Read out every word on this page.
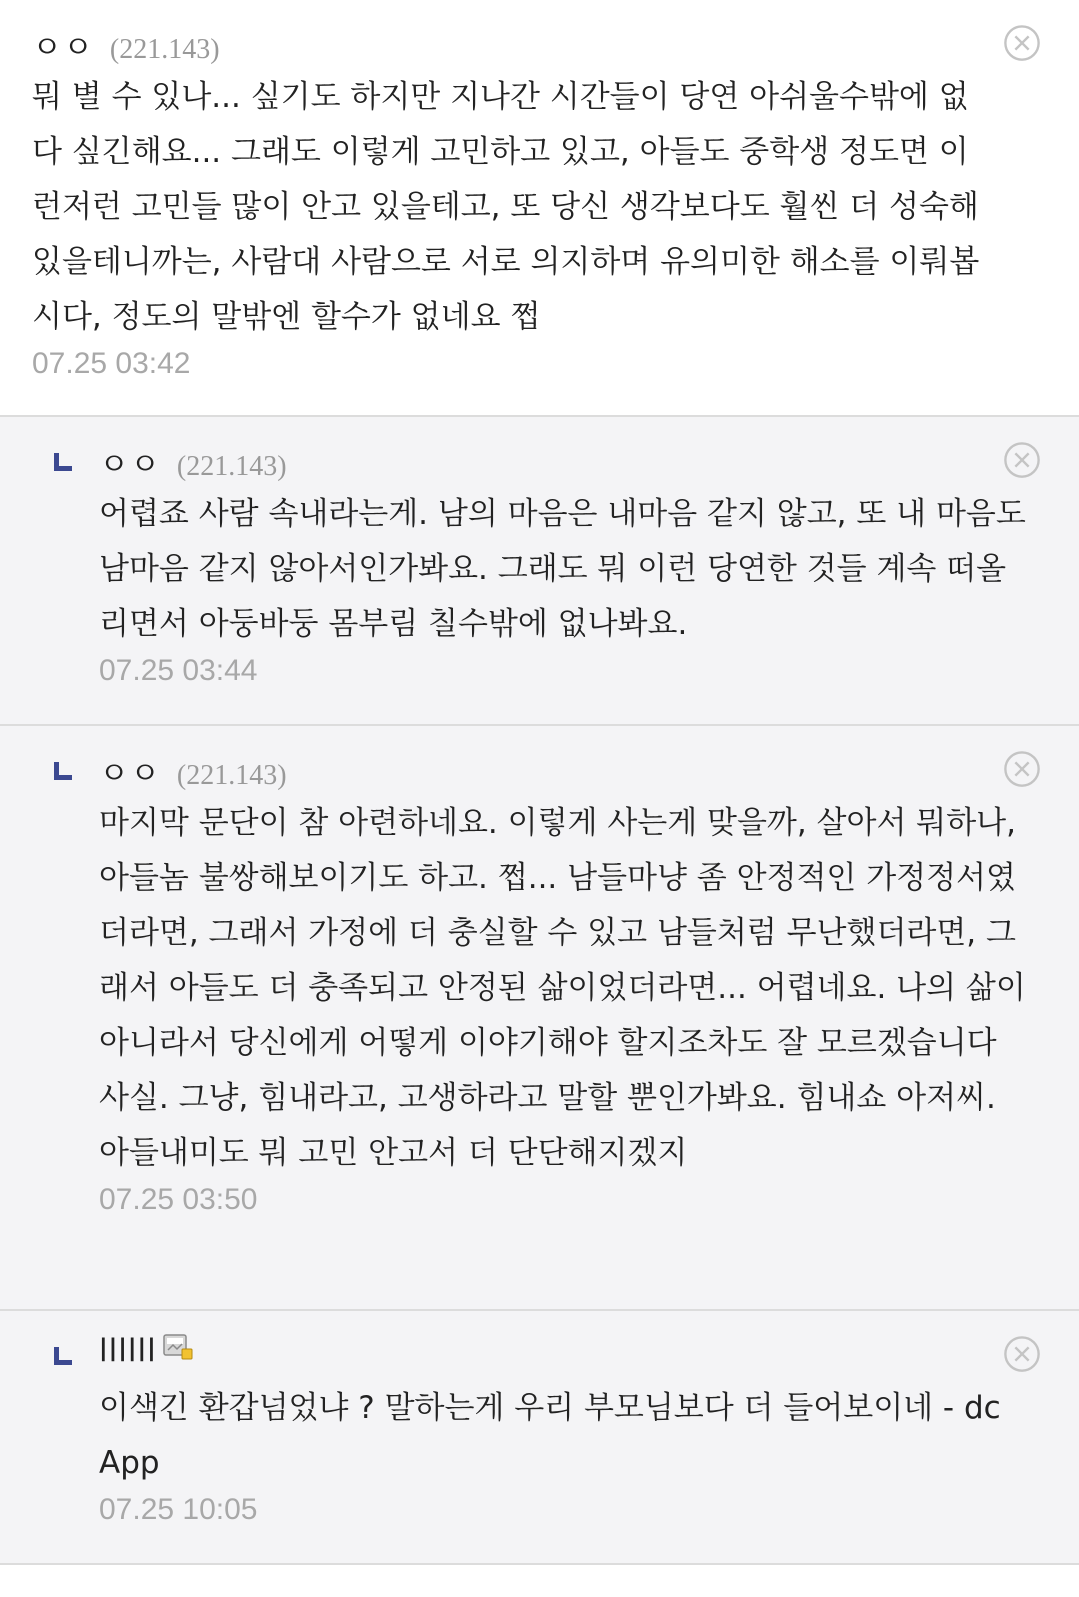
ㅇㅇ (221.143)
뭐 별 수 있나... 싶기도 하지만 지나간 시간들이 당연 아쉬울수밖에 없다 싶긴해요... 그래도 이렇게 고민하고 있고, 아들도 중학생 정도면 이런저런 고민들 많이 안고 있을테고, 또 당신 생각보다도 훨씬 더 성숙해있을테니까는, 사람대 사람으로 서로 의지하며 유의미한 해소를 이뤄봅시다, 정도의 말밖엔 할수가 없네요 쩝
07.25 03:42
ㅇㅇ (221.143)
어렵죠 사람 속내라는게. 남의 마음은 내마음 같지 않고, 또 내 마음도 남마음 같지 않아서인가봐요. 그래도 뭐 이런 당연한 것들 계속 떠올리면서 아둥바둥 몸부림 칠수밖에 없나봐요.
07.25 03:44
ㅇㅇ (221.143)
마지막 문단이 참 아련하네요. 이렇게 사는게 맞을까, 살아서 뭐하나, 아들놈 불쌍해보이기도 하고. 쩝... 남들마냥 좀 안정적인 가정정서였더라면, 그래서 가정에 더 충실할 수 있고 남들처럼 무난했더라면, 그래서 아들도 더 충족되고 안정된 삶이었더라면... 어렵네요. 나의 삶이 아니라서 당신에게 어떻게 이야기해야 할지조차도 잘 모르겠습니다 사실. 그냥, 힘내라고, 고생하라고 말할 뿐인가봐요. 힘내쇼 아저씨. 아들내미도 뭐 고민 안고서 더 단단해지겠지
07.25 03:50
llllll
이색긴 환갑넘었냐 ? 말하는게 우리 부모님보다 더 들어보이네 - dc App
07.25 10:05
